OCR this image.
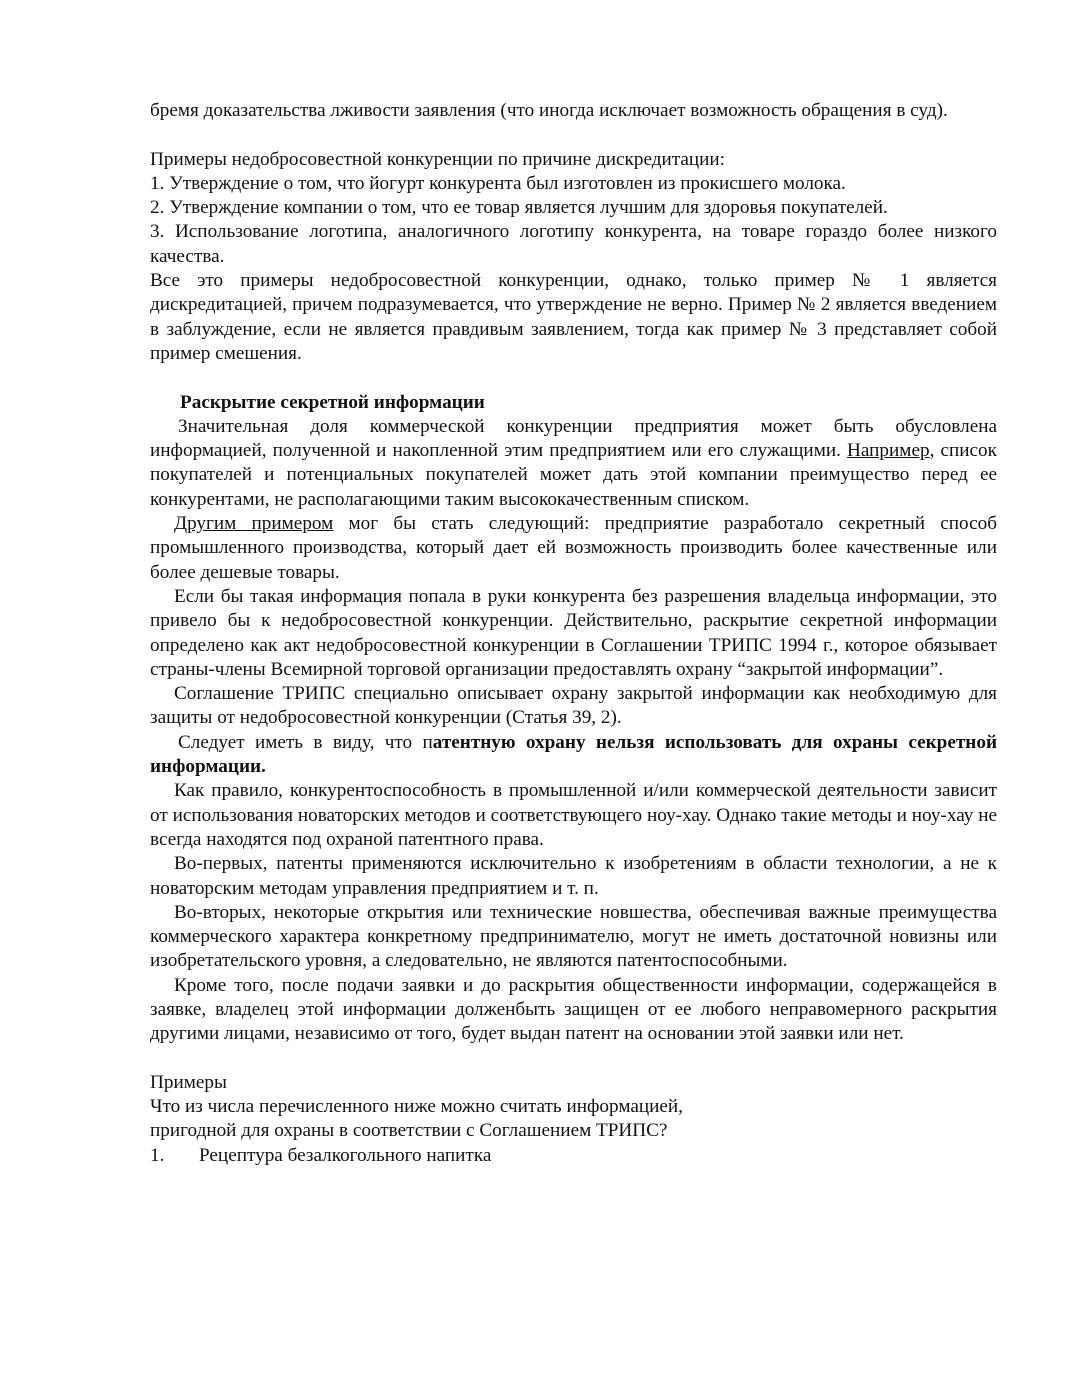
бремя доказательства лживости заявления (что иногда исключает возможность обращения в суд).

Примеры недобросовестной конкуренции по причине дискредитации:

1. Утверждение о том, что йогурт конкурента был изготовлен из прокисшего молока.

2. Утверждение компании о том, что ее товар является лучшим для здоровья покупателей.

3. Использование логотипа, аналогичного логотипу конкурента, на товаре гораздо более низкого качества.

Все это примеры недобросовестной конкуренции, однако, только пример № 1 является дискредитацией, причем подразумевается, что утверждение не верно. Пример № 2 является введением в заблуждение, если не является правдивым заявлением, тогда как пример № 3 представляет собой пример смешения.

Раскрытие секретной информации

Значительная доля коммерческой конкуренции предприятия может быть обусловлена информацией, полученной и накопленной этим предприятием или его служащими. Например, список покупателей и потенциальных покупателей может дать этой компании преимущество перед ее конкурентами, не располагающими таким высококачественным списком.

Другим примером мог бы стать следующий: предприятие разработало секретный способ промышленного производства, который дает ей возможность производить более качественные или более дешевые товары.

Если бы такая информация попала в руки конкурента без разрешения владельца информации, это привело бы к недобросовестной конкуренции. Действительно, раскрытие секретной информации определено как акт недобросовестной конкуренции в Соглашении ТРИПС 1994 г., которое обязывает страны-члены Всемирной торговой организации предоставлять охрану “закрытой информации”.

Соглашение ТРИПС специально описывает охрану закрытой информации как необходимую для защиты от недобросовестной конкуренции (Статья 39, 2).

Следует иметь в виду, что патентную охрану нельзя использовать для охраны секретной информации.

Как правило, конкурентоспособность в промышленной и/или коммерческой деятельности зависит от использования новаторских методов и соответствующего ноу-хау. Однако такие методы и ноу-хау не всегда находятся под охраной патентного права.

Во-первых, патенты применяются исключительно к изобретениям в области технологии, а не к новаторским методам управления предприятием и т. п.

Во-вторых, некоторые открытия или технические новшества, обеспечивая важные преимущества коммерческого характера конкретному предпринимателю, могут не иметь достаточной новизны или изобретательского уровня, а следовательно, не являются патентоспособными.

Кроме того, после подачи заявки и до раскрытия общественности информации, содержащейся в заявке, владелец этой информации долженбыть защищен от ее любого неправомерного раскрытия другими лицами, независимо от того, будет выдан патент на основании этой заявки или нет.

Примеры

Что из числа перечисленного ниже можно считать информацией,

пригодной для охраны в соответствии с Соглашением ТРИПС?

1.	Рецептура безалкогольного напитка
